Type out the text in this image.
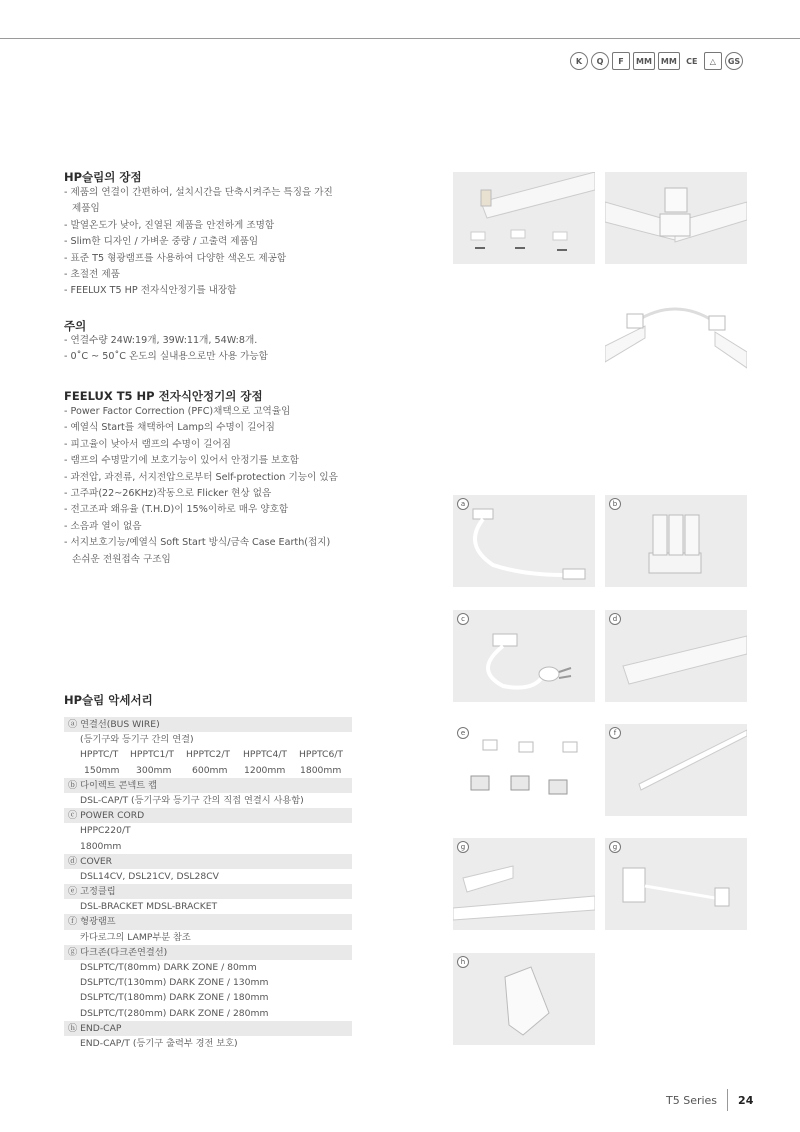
K	Q	F	MM	MM	CE	△	GS
HP슬림의 장점
- 제품의 연결이 간편하여, 설치시간을 단축시켜주는 특징을 가진
제품임
- 발열온도가 낮아, 진열된 제품을 안전하게 조명함
- Slim한 디자인 / 가벼운 중량 / 고출력 제품임
- 표준 T5 형광램프를 사용하여 다양한 색온도 제공함
- 초절전 제품
- FEELUX T5 HP 전자식안정기를 내장함
주의
- 연결수량 24W:19개, 39W:11개, 54W:8개.
- 0˚C ~ 50˚C 온도의 실내용으로만 사용 가능함
FEELUX T5 HP 전자식안정기의 장점
- Power Factor Correction (PFC)채택으로 고역율임
- 예열식 Start를 채택하여 Lamp의 수명이 길어짐
- 피고율이 낮아서 램프의 수명이 길어짐
- 램프의 수명말기에 보호기능이 있어서 안정기를 보호함
- 과전압, 과전류, 서지전압으로부터 Self-protection 기능이 있음
- 고주파(22~26KHz)작동으로 Flicker 현상 없음
- 전고조파 왜유율 (T.H.D)이 15%이하로 매우 양호함
- 소음과 열이 없음
- 서지보호기능/예열식 Soft Start 방식/금속 Case Earth(접지)
손쉬운 전원접속 구조임
HP슬림 악세서리
ⓐ 연결선(BUS WIRE)
(등기구와 등기구 간의 연결)
HPPTC/T	HPPTC1/T	HPPTC2/T	HPPTC4/T	HPPTC6/T
150mm	300mm	600mm	1200mm	1800mm
ⓑ 다이렉트 콘넥트 캡
DSL-CAP/T (등기구와 등기구 간의 직접 연결시 사용함)
ⓒ POWER CORD
HPPC220/T
1800mm
ⓓ COVER
DSL14CV, DSL21CV, DSL28CV
ⓔ 고정클립
DSL-BRACKET MDSL-BRACKET
ⓕ 형광램프
카다로그의 LAMP부분 참조
ⓖ 다크존(다크존연결선)
DSLPTC/T(80mm) DARK ZONE / 80mm
DSLPTC/T(130mm) DARK ZONE / 130mm
DSLPTC/T(180mm) DARK ZONE / 180mm
DSLPTC/T(280mm) DARK ZONE / 280mm
ⓗ END-CAP
END-CAP/T (등기구 출력부 경전 보호)
a	b
c	d
e	f
g	g
h
T5 Series 24
